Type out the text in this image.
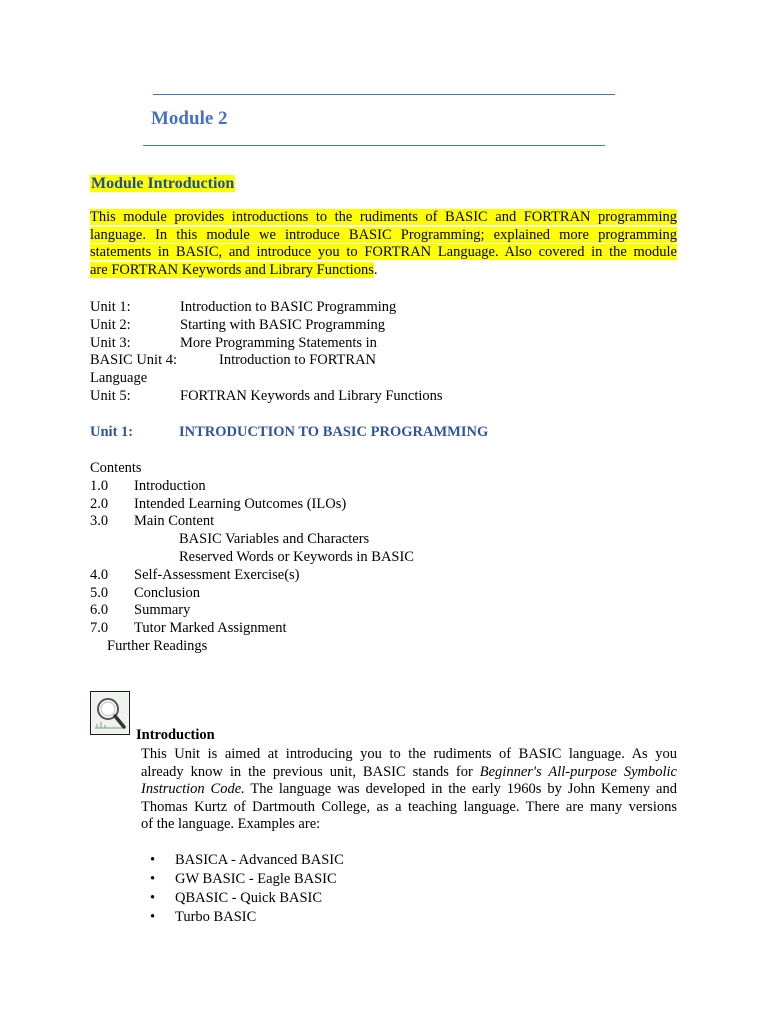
Module 2
Module Introduction
This module provides introductions to the rudiments of BASIC and FORTRAN programming
language. In this module we introduce BASIC Programming; explained more programming
statements in BASIC, and introduce you to FORTRAN Language. Also covered in the module
are FORTRAN Keywords and Library Functions.
Unit 1:	Introduction to BASIC Programming
Unit 2:	Starting with BASIC Programming
Unit 3:	More Programming Statements in
BASIC Unit 4:	Introduction to FORTRAN
Language
Unit 5:	FORTRAN Keywords and Library Functions
Unit 1:	INTRODUCTION TO BASIC PROGRAMMING
Contents
1.0 Introduction
2.0 Intended Learning Outcomes (ILOs)
3.0 Main Content
BASIC Variables and Characters
Reserved Words or Keywords in BASIC
4.0 Self-Assessment Exercise(s)
5.0 Conclusion
6.0 Summary
7.0 Tutor Marked Assignment
Further Readings
Introduction
This Unit is aimed at introducing you to the rudiments of BASIC language. As you
already know in the previous unit, BASIC stands for Beginner's All-purpose Symbolic
Instruction Code. The language was developed in the early 1960s by John Kemeny and
Thomas Kurtz of Dartmouth College, as a teaching language. There are many versions
of the language. Examples are:
• BASICA - Advanced BASIC
• GW BASIC - Eagle BASIC
• QBASIC - Quick BASIC
• Turbo BASIC
